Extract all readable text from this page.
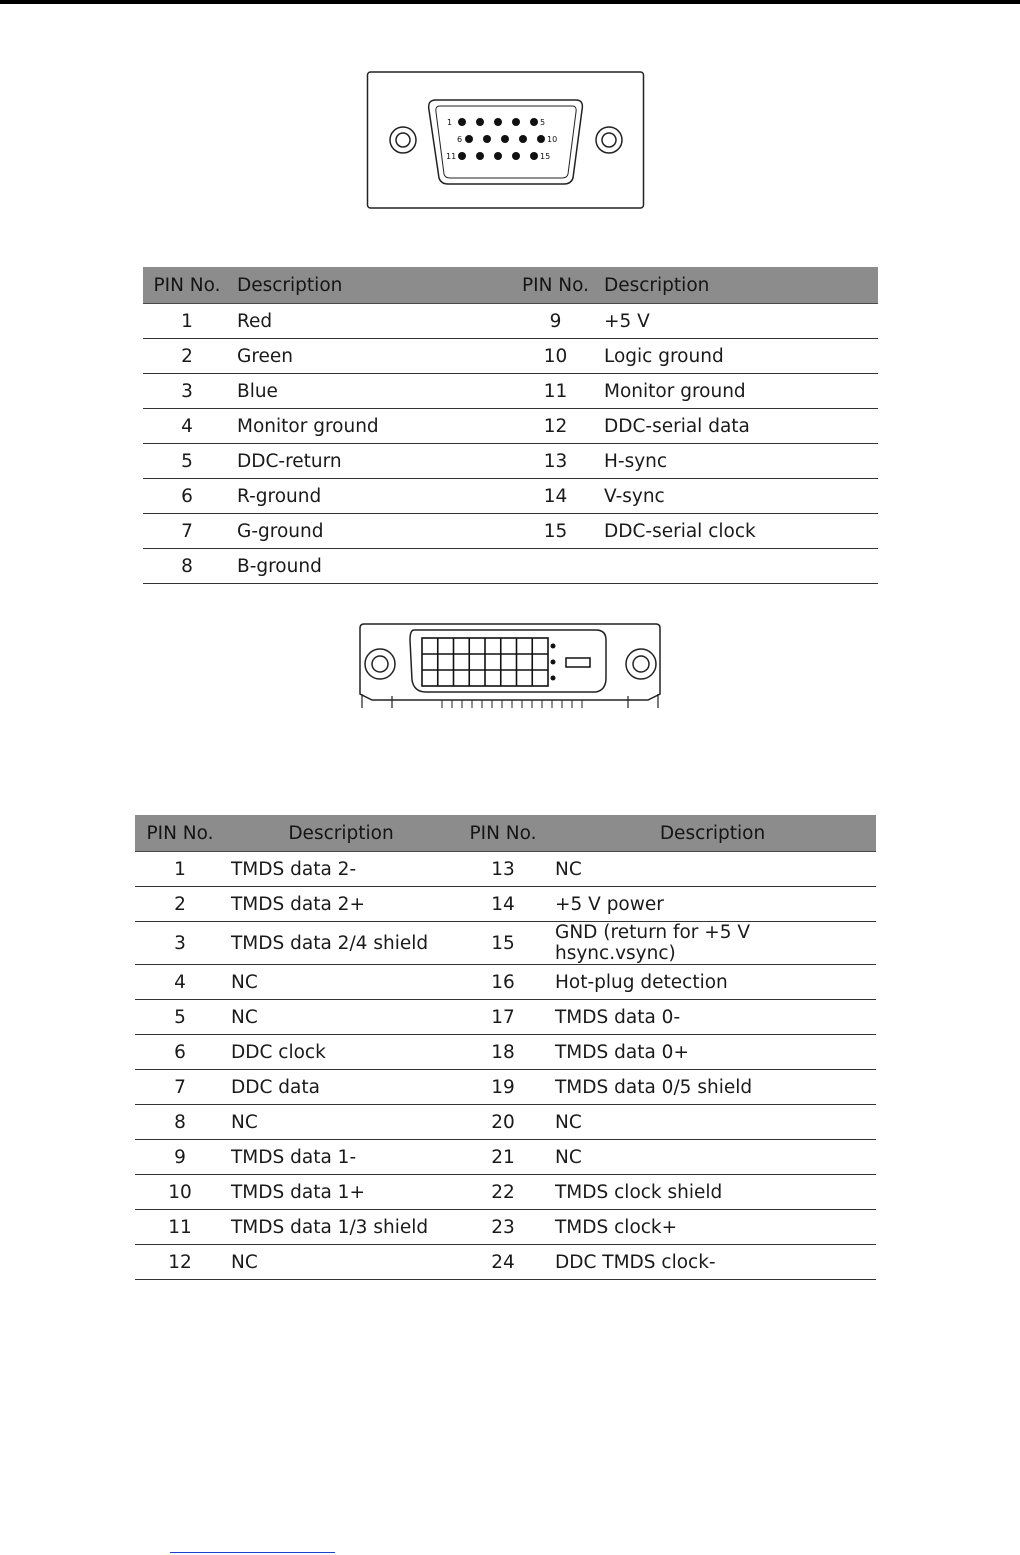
1	5
6	10
11	15
PIN No.	Description	PIN No.	Description
1	Red	9	+5 V
2	Green	10	Logic ground
3	Blue	11	Monitor ground
4	Monitor ground	12	DDC-serial data
5	DDC-return	13	H-sync
6	R-ground	14	V-sync
7	G-ground	15	DDC-serial clock
8	B-ground		
PIN No.	Description	PIN No.	Description
1	TMDS data 2-	13	NC
2	TMDS data 2+	14	+5 V power
3	TMDS data 2/4 shield	15	GND (return for +5 V hsync.vsync)
4	NC	16	Hot-plug detection
5	NC	17	TMDS data 0-
6	DDC clock	18	TMDS data 0+
7	DDC data	19	TMDS data 0/5 shield
8	NC	20	NC
9	TMDS data 1-	21	NC
10	TMDS data 1+	22	TMDS clock shield
11	TMDS data 1/3 shield	23	TMDS clock+
12	NC	24	DDC TMDS clock-
